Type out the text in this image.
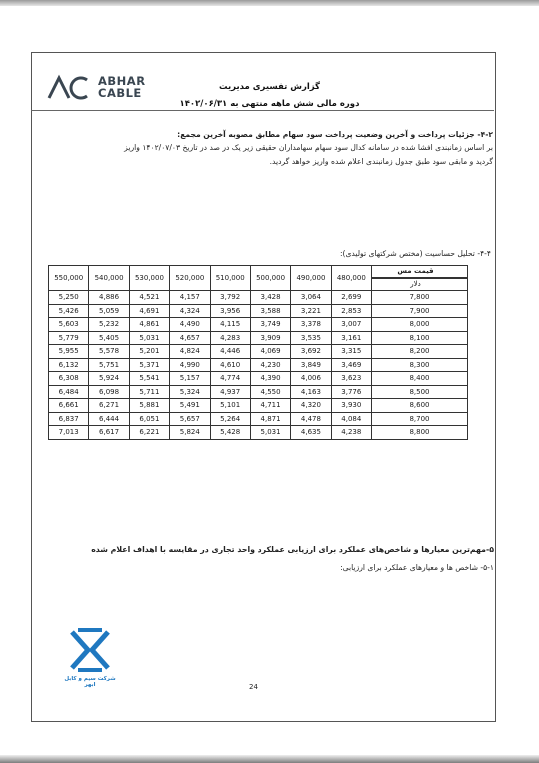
ABHAR
CABLE	گزارش تفسیری مدیریت
دوره مالی شش ماهه منتهی به ۱۴۰۲/۰۶/۳۱
۴-۲- جزئیات پرداخت و آخرین وضعیت پرداخت سود سهام مطابق مصوبه آخرین مجمع:
بر اساس زمانبندی افشا شده در سامانه کدال سود سهام سهامداران حقیقی زیر یک در صد در تاریخ ۱۴۰۲/۰۷/۰۳ واریز
گردید و مابقی سود طبق جدول زمانبندی اعلام شده واریز خواهد گردید.
۴-۴- تحلیل حساسیت (مختص شرکتهای تولیدی):
550,000	540,000	530,000	520,000	510,000	500,000	490,000	480,000	قیمت مس

								دلار

5,250	4,886	4,521	4,157	3,792	3,428	3,064	2,699	7,800
5,426	5,059	4,691	4,324	3,956	3,588	3,221	2,853	7,900
5,603	5,232	4,861	4,490	4,115	3,749	3,378	3,007	8,000
5,779	5,405	5,031	4,657	4,283	3,909	3,535	3,161	8,100
5,955	5,578	5,201	4,824	4,446	4,069	3,692	3,315	8,200
6,132	5,751	5,371	4,990	4,610	4,230	3,849	3,469	8,300
6,308	5,924	5,541	5,157	4,774	4,390	4,006	3,623	8,400
6,484	6,098	5,711	5,324	4,937	4,550	4,163	3,776	8,500
6,661	6,271	5,881	5,491	5,101	4,711	4,320	3,930	8,600
6,837	6,444	6,051	5,657	5,264	4,871	4,478	4,084	8,700
7,013	6,617	6,221	5,824	5,428	5,031	4,635	4,238	8,800
۵-مهم‌ترین معیارها و شاخص‌های عملکرد برای ارزیابی عملکرد واحد تجاری در مقایسه با اهداف اعلام شده
۵-۱- شاخص ها و معیارهای عملکرد برای ارزیابی:
شرکت سیم و کابل ابهر	24
